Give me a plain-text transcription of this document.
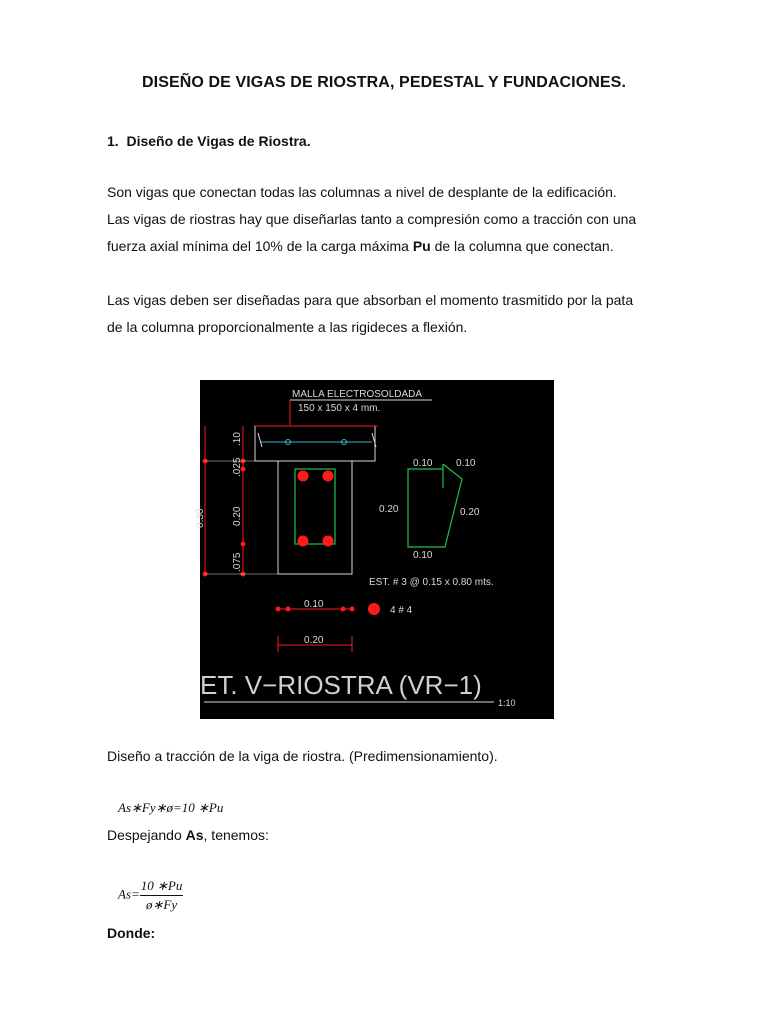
DISEÑO DE VIGAS DE RIOSTRA, PEDESTAL Y FUNDACIONES.
1. Diseño de Vigas de Riostra.

Son vigas que conectan todas las columnas a nivel de desplante de la edificación.

Las vigas de riostras hay que diseñarlas tanto a compresión como a tracción con una

fuerza axial mínima del 10% de la carga máxima Pu de la columna que conectan.

Las vigas deben ser diseñadas para que absorban el momento trasmitido por la pata

de la columna proporcionalmente a las rigideces a flexión.

MALLA ELECTROSOLDADA
150 x 150 x 4 mm.
.10
.025
0.20
.075
0.30
0.10
0.20
4 # 4
0.10 0.10
0.20	0.20
0.10
EST. # 3 @ 0.15 x 0.80 mts.
ET. V−RIOSTRA (VR−1)
1:10

Diseño a tracción de la viga de riostra. (Predimensionamiento).

As∗Fy∗ø=10 ∗Pu

Despejando As, tenemos:

$As= \frac{10 ∗Pu}{ø∗Fy}$
Donde:
